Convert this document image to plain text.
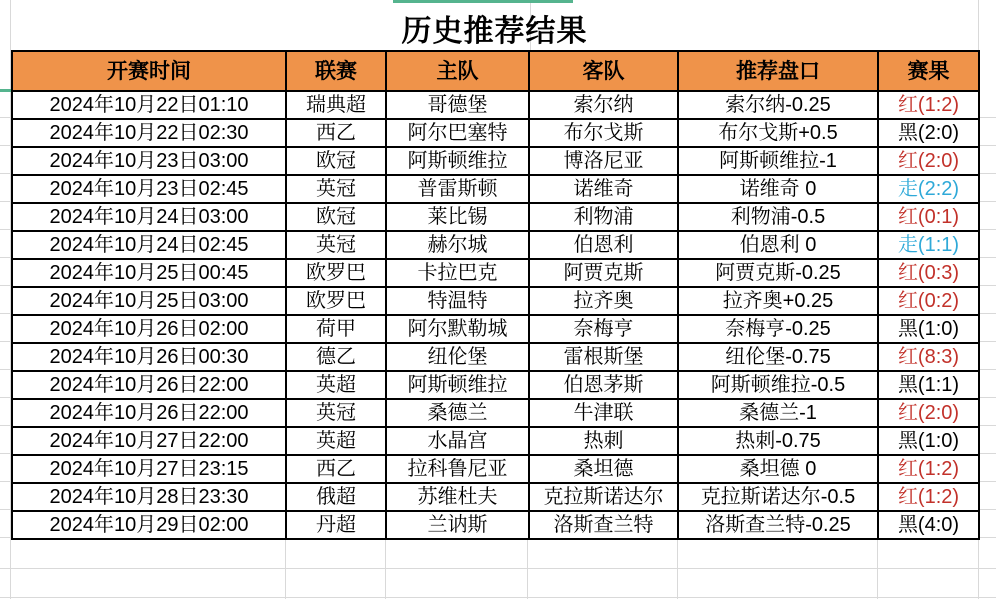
历史推荐结果
开赛时间	联赛	主队	客队	推荐盘口	赛果
2024年10月22日01:10	瑞典超	哥德堡	索尔纳	索尔纳-0.25	红(1:2)
2024年10月22日02:30	西乙	阿尔巴塞特	布尔戈斯	布尔戈斯+0.5	黑(2:0)
2024年10月23日03:00	欧冠	阿斯顿维拉	博洛尼亚	阿斯顿维拉-1	红(2:0)
2024年10月23日02:45	英冠	普雷斯顿	诺维奇	诺维奇 0	走(2:2)
2024年10月24日03:00	欧冠	莱比锡	利物浦	利物浦-0.5	红(0:1)
2024年10月24日02:45	英冠	赫尔城	伯恩利	伯恩利 0	走(1:1)
2024年10月25日00:45	欧罗巴	卡拉巴克	阿贾克斯	阿贾克斯-0.25	红(0:3)
2024年10月25日03:00	欧罗巴	特温特	拉齐奥	拉齐奥+0.25	红(0:2)
2024年10月26日02:00	荷甲	阿尔默勒城	奈梅亨	奈梅亨-0.25	黑(1:0)
2024年10月26日00:30	德乙	纽伦堡	雷根斯堡	纽伦堡-0.75	红(8:3)
2024年10月26日22:00	英超	阿斯顿维拉	伯恩茅斯	阿斯顿维拉-0.5	黑(1:1)
2024年10月26日22:00	英冠	桑德兰	牛津联	桑德兰-1	红(2:0)
2024年10月27日22:00	英超	水晶宫	热刺	热刺-0.75	黑(1:0)
2024年10月27日23:15	西乙	拉科鲁尼亚	桑坦德	桑坦德 0	红(1:2)
2024年10月28日23:30	俄超	苏维杜夫	克拉斯诺达尔	克拉斯诺达尔-0.5	红(1:2)
2024年10月29日02:00	丹超	兰讷斯	洛斯查兰特	洛斯查兰特-0.25	黑(4:0)
